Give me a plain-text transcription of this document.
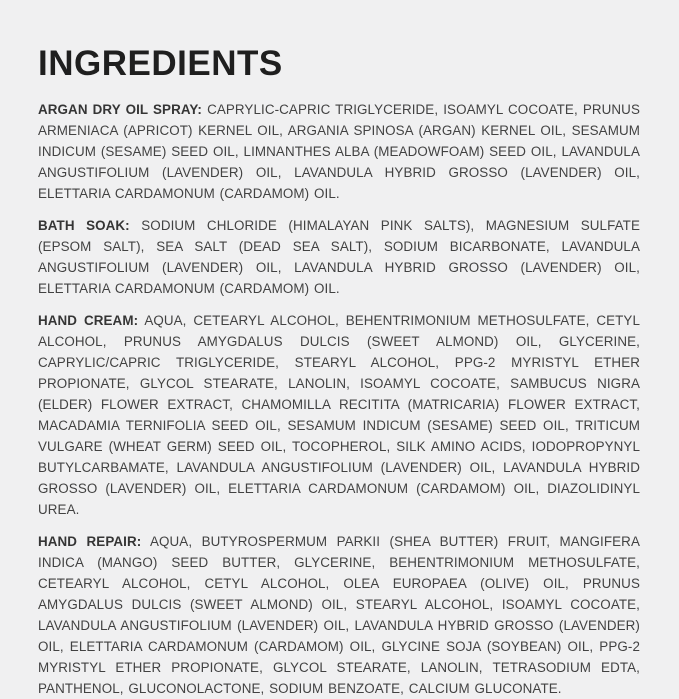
INGREDIENTS

ARGAN DRY OIL SPRAY: CAPRYLIC-CAPRIC TRIGLYCERIDE, ISOAMYL COCOATE, PRUNUS ARMENIACA (APRICOT) KERNEL OIL, ARGANIA SPINOSA (ARGAN) KERNEL OIL, SESAMUM INDICUM (SESAME) SEED OIL, LIMNANTHES ALBA (MEADOWFOAM) SEED OIL, LAVANDULA ANGUSTIFOLIUM (LAVENDER) OIL, LAVANDULA HYBRID GROSSO (LAVENDER) OIL, ELETTARIA CARDAMONUM (CARDAMOM) OIL.

BATH SOAK: SODIUM CHLORIDE (HIMALAYAN PINK SALTS), MAGNESIUM SULFATE (EPSOM SALT), SEA SALT (DEAD SEA SALT), SODIUM BICARBONATE, LAVANDULA ANGUSTIFOLIUM (LAVENDER) OIL, LAVANDULA HYBRID GROSSO (LAVENDER) OIL, ELETTARIA CARDAMONUM (CARDAMOM) OIL.

HAND CREAM: AQUA, CETEARYL ALCOHOL, BEHENTRIMONIUM METHOSULFATE, CETYL ALCOHOL, PRUNUS AMYGDALUS DULCIS (SWEET ALMOND) OIL, GLYCERINE, CAPRYLIC/CAPRIC TRIGLYCERIDE, STEARYL ALCOHOL, PPG-2 MYRISTYL ETHER PROPIONATE, GLYCOL STEARATE, LANOLIN, ISOAMYL COCOATE, SAMBUCUS NIGRA (ELDER) FLOWER EXTRACT, CHAMOMILLA RECITITA (MATRICARIA) FLOWER EXTRACT, MACADAMIA TERNIFOLIA SEED OIL, SESAMUM INDICUM (SESAME) SEED OIL, TRITICUM VULGARE (WHEAT GERM) SEED OIL, TOCOPHEROL, SILK AMINO ACIDS, IODOPROPYNYL BUTYLCARBAMATE, LAVANDULA ANGUSTIFOLIUM (LAVENDER) OIL, LAVANDULA HYBRID GROSSO (LAVENDER) OIL, ELETTARIA CARDAMONUM (CARDAMOM) OIL, DIAZOLIDINYL UREA.

HAND REPAIR: AQUA, BUTYROSPERMUM PARKII (SHEA BUTTER) FRUIT, MANGIFERA INDICA (MANGO) SEED BUTTER, GLYCERINE, BEHENTRIMONIUM METHOSULFATE, CETEARYL ALCOHOL, CETYL ALCOHOL, OLEA EUROPAEA (OLIVE) OIL, PRUNUS AMYGDALUS DULCIS (SWEET ALMOND) OIL, STEARYL ALCOHOL, ISOAMYL COCOATE, LAVANDULA ANGUSTIFOLIUM (LAVENDER) OIL, LAVANDULA HYBRID GROSSO (LAVENDER) OIL, ELETTARIA CARDAMONUM (CARDAMOM) OIL, GLYCINE SOJA (SOYBEAN) OIL, PPG-2 MYRISTYL ETHER PROPIONATE, GLYCOL STEARATE, LANOLIN, TETRASODIUM EDTA, PANTHENOL, GLUCONOLACTONE, SODIUM BENZOATE, CALCIUM GLUCONATE.
